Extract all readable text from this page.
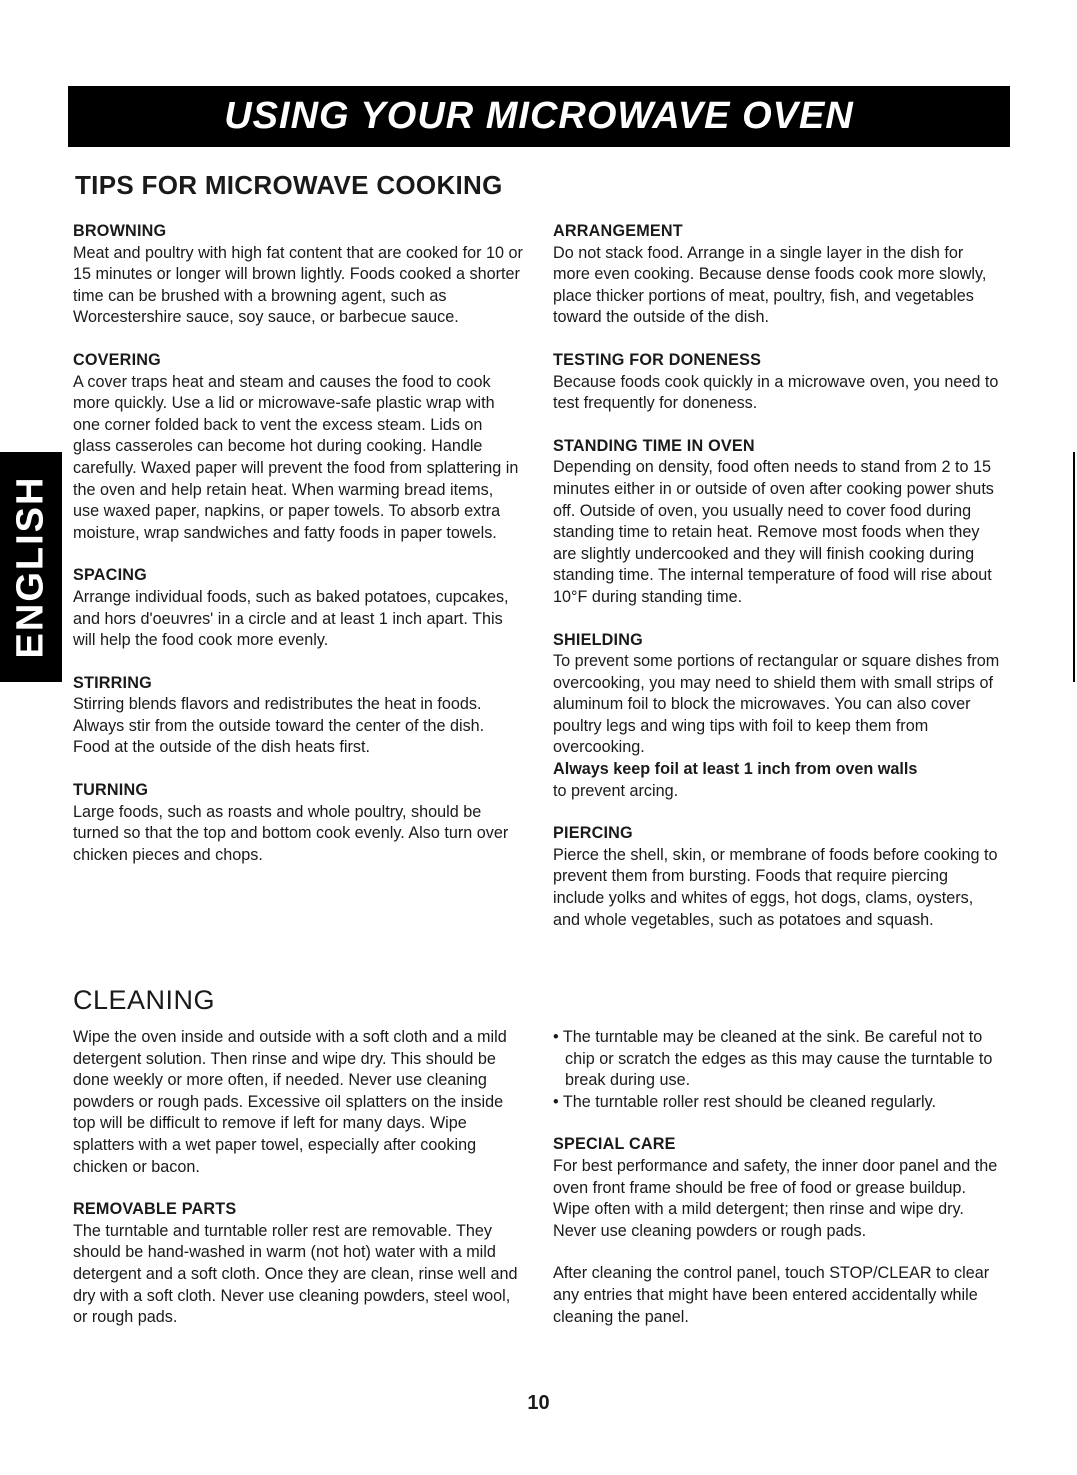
USING YOUR MICROWAVE OVEN
ENGLISH
TIPS FOR MICROWAVE COOKING
BROWNING

Meat and poultry with high fat content that are cooked for 10 or 15 minutes or longer will brown lightly. Foods cooked a shorter time can be brushed with a browning agent, such as Worcestershire sauce, soy sauce, or barbecue sauce.

COVERING

A cover traps heat and steam and causes the food to cook more quickly. Use a lid or microwave-safe plastic wrap with one corner folded back to vent the excess steam. Lids on glass casseroles can become hot during cooking. Handle carefully. Waxed paper will prevent the food from splattering in the oven and help retain heat. When warming bread items, use waxed paper, napkins, or paper towels. To absorb extra moisture, wrap sandwiches and fatty foods in paper towels.

SPACING

Arrange individual foods, such as baked potatoes, cupcakes, and hors d'oeuvres' in a circle and at least 1 inch apart. This will help the food cook more evenly.

STIRRING

Stirring blends flavors and redistributes the heat in foods. Always stir from the outside toward the center of the dish. Food at the outside of the dish heats first.

TURNING

Large foods, such as roasts and whole poultry, should be turned so that the top and bottom cook evenly. Also turn over chicken pieces and chops.

ARRANGEMENT

Do not stack food. Arrange in a single layer in the dish for more even cooking. Because dense foods cook more slowly, place thicker portions of meat, poultry, fish, and vegetables toward the outside of the dish.

TESTING FOR DONENESS

Because foods cook quickly in a microwave oven, you need to test frequently for doneness.

STANDING TIME IN OVEN

Depending on density, food often needs to stand from 2 to 15 minutes either in or outside of oven after cooking power shuts off. Outside of oven, you usually need to cover food during standing time to retain heat. Remove most foods when they are slightly undercooked and they will finish cooking during standing time. The internal temperature of food will rise about 10°F during standing time.

SHIELDING

To prevent some portions of rectangular or square dishes from overcooking, you may need to shield them with small strips of aluminum foil to block the microwaves. You can also cover poultry legs and wing tips with foil to keep them from overcooking.

Always keep foil at least 1 inch from oven walls

to prevent arcing.

PIERCING

Pierce the shell, skin, or membrane of foods before cooking to prevent them from bursting. Foods that require piercing include yolks and whites of eggs, hot dogs, clams, oysters, and whole vegetables, such as potatoes and squash.

CLEANING

Wipe the oven inside and outside with a soft cloth and a mild detergent solution. Then rinse and wipe dry. This should be done weekly or more often, if needed. Never use cleaning powders or rough pads. Excessive oil splatters on the inside top will be difficult to remove if left for many days. Wipe splatters with a wet paper towel, especially after cooking chicken or bacon.

REMOVABLE PARTS

The turntable and turntable roller rest are removable. They should be hand-washed in warm (not hot) water with a mild detergent and a soft cloth. Once they are clean, rinse well and dry with a soft cloth. Never use cleaning powders, steel wool, or rough pads.

• The turntable may be cleaned at the sink. Be careful not to chip or scratch the edges as this may cause the turntable to break during use.

• The turntable roller rest should be cleaned regularly.

SPECIAL CARE

For best performance and safety, the inner door panel and the oven front frame should be free of food or grease buildup. Wipe often with a mild detergent; then rinse and wipe dry. Never use cleaning powders or rough pads.

After cleaning the control panel, touch STOP/CLEAR to clear any entries that might have been entered accidentally while cleaning the panel.

10
